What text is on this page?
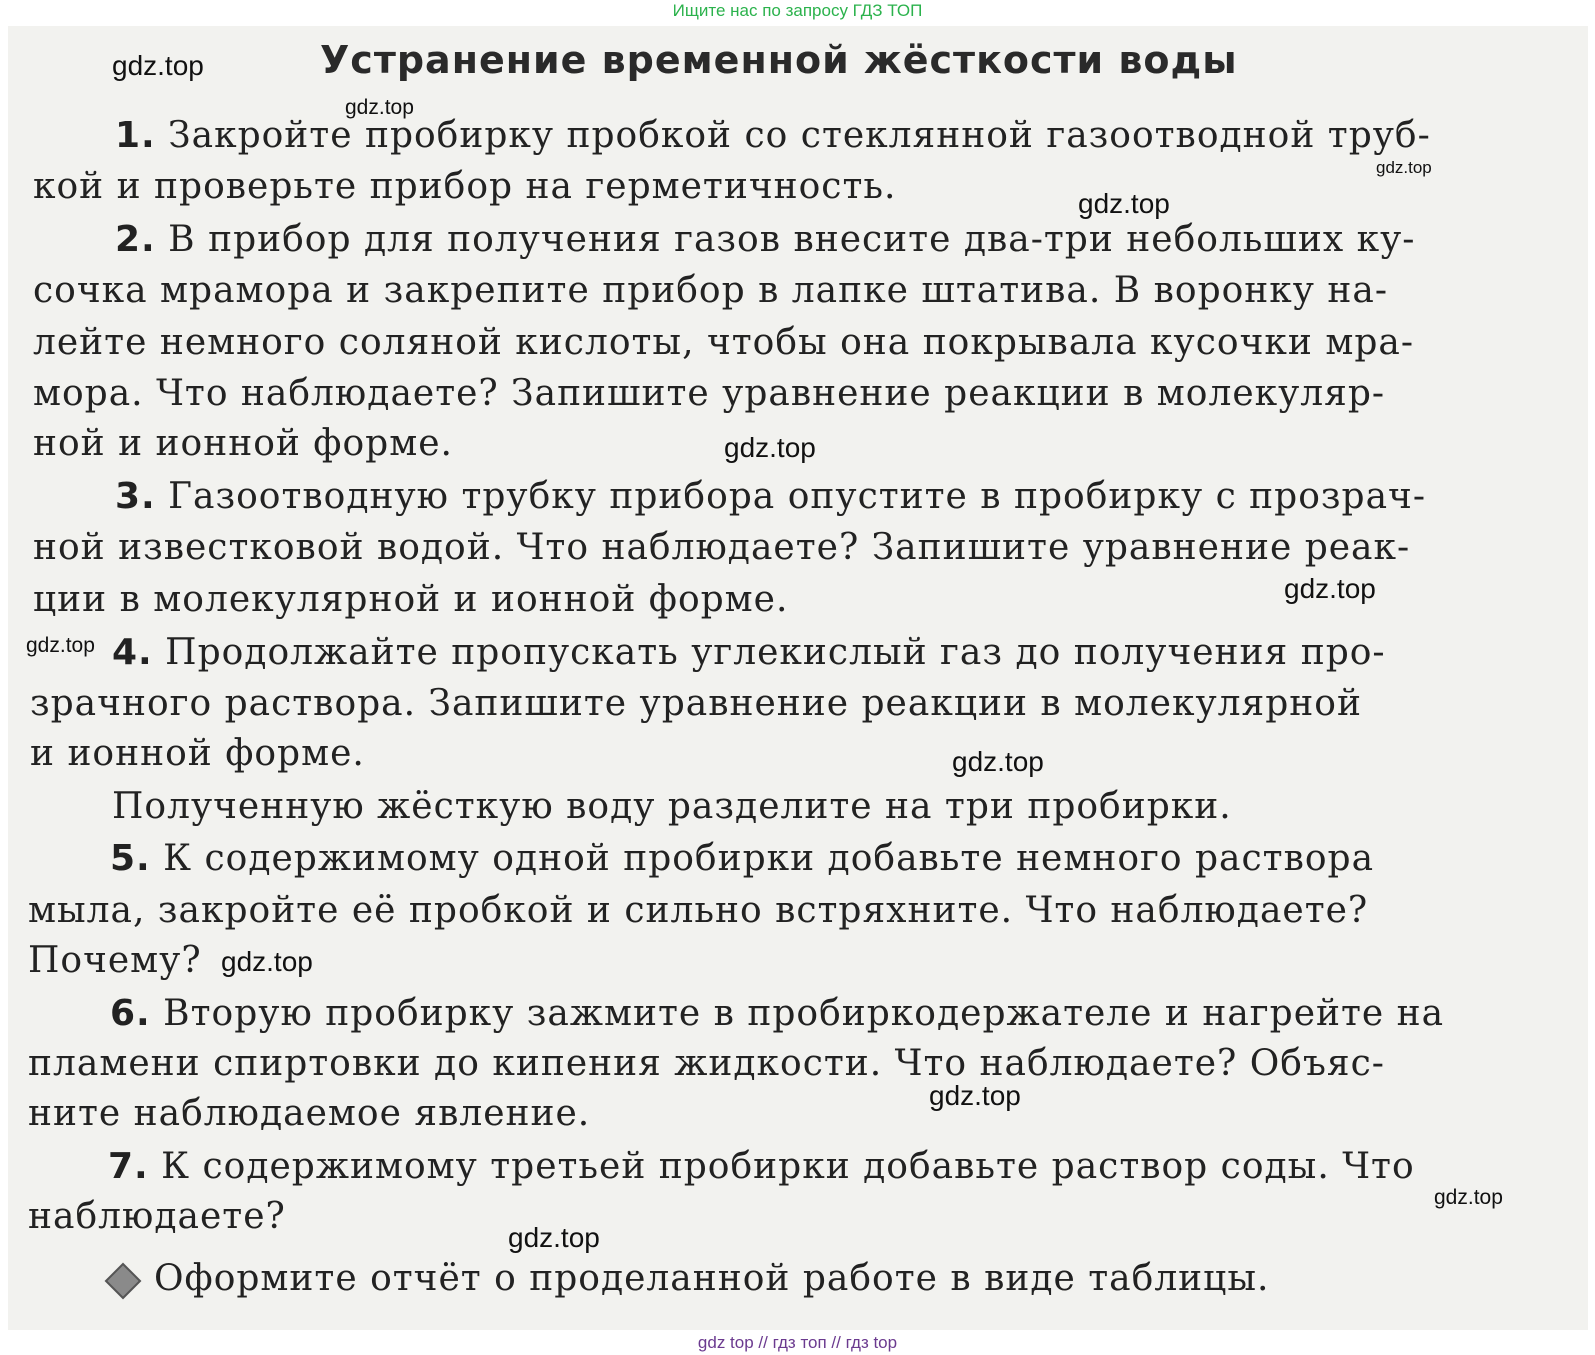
Ищите нас по запросу ГДЗ ТОП
Устранение временной жёсткости воды
1. Закройте пробирку пробкой со стеклянной газоотводной труб-
кой и проверьте прибор на герметичность.
2. В прибор для получения газов внесите два-три небольших ку-
сочка мрамора и закрепите прибор в лапке штатива. В воронку на-
лейте немного соляной кислоты, чтобы она покрывала кусочки мра-
мора. Что наблюдаете? Запишите уравнение реакции в молекуляр-
ной и ионной форме.
3. Газоотводную трубку прибора опустите в пробирку с прозрач-
ной известковой водой. Что наблюдаете? Запишите уравнение реак-
ции в молекулярной и ионной форме.
4. Продолжайте пропускать углекислый газ до получения про-
зрачного раствора. Запишите уравнение реакции в молекулярной
и ионной форме.
Полученную жёсткую воду разделите на три пробирки.
5. К содержимому одной пробирки добавьте немного раствора
мыла, закройте её пробкой и сильно встряхните. Что наблюдаете?
Почему?
6. Вторую пробирку зажмите в пробиркодержателе и нагрейте на
пламени спиртовки до кипения жидкости. Что наблюдаете? Объяс-
ните наблюдаемое явление.
7. К содержимому третьей пробирки добавьте раствор соды. Что
наблюдаете?
Оформите отчёт о проделанной работе в виде таблицы.
gdz.top
gdz.top
gdz.top
gdz.top
gdz.top
gdz.top
gdz.top
gdz.top
gdz.top
gdz.top
gdz.top
gdz.top
gdz top // гдз топ // гдз top
